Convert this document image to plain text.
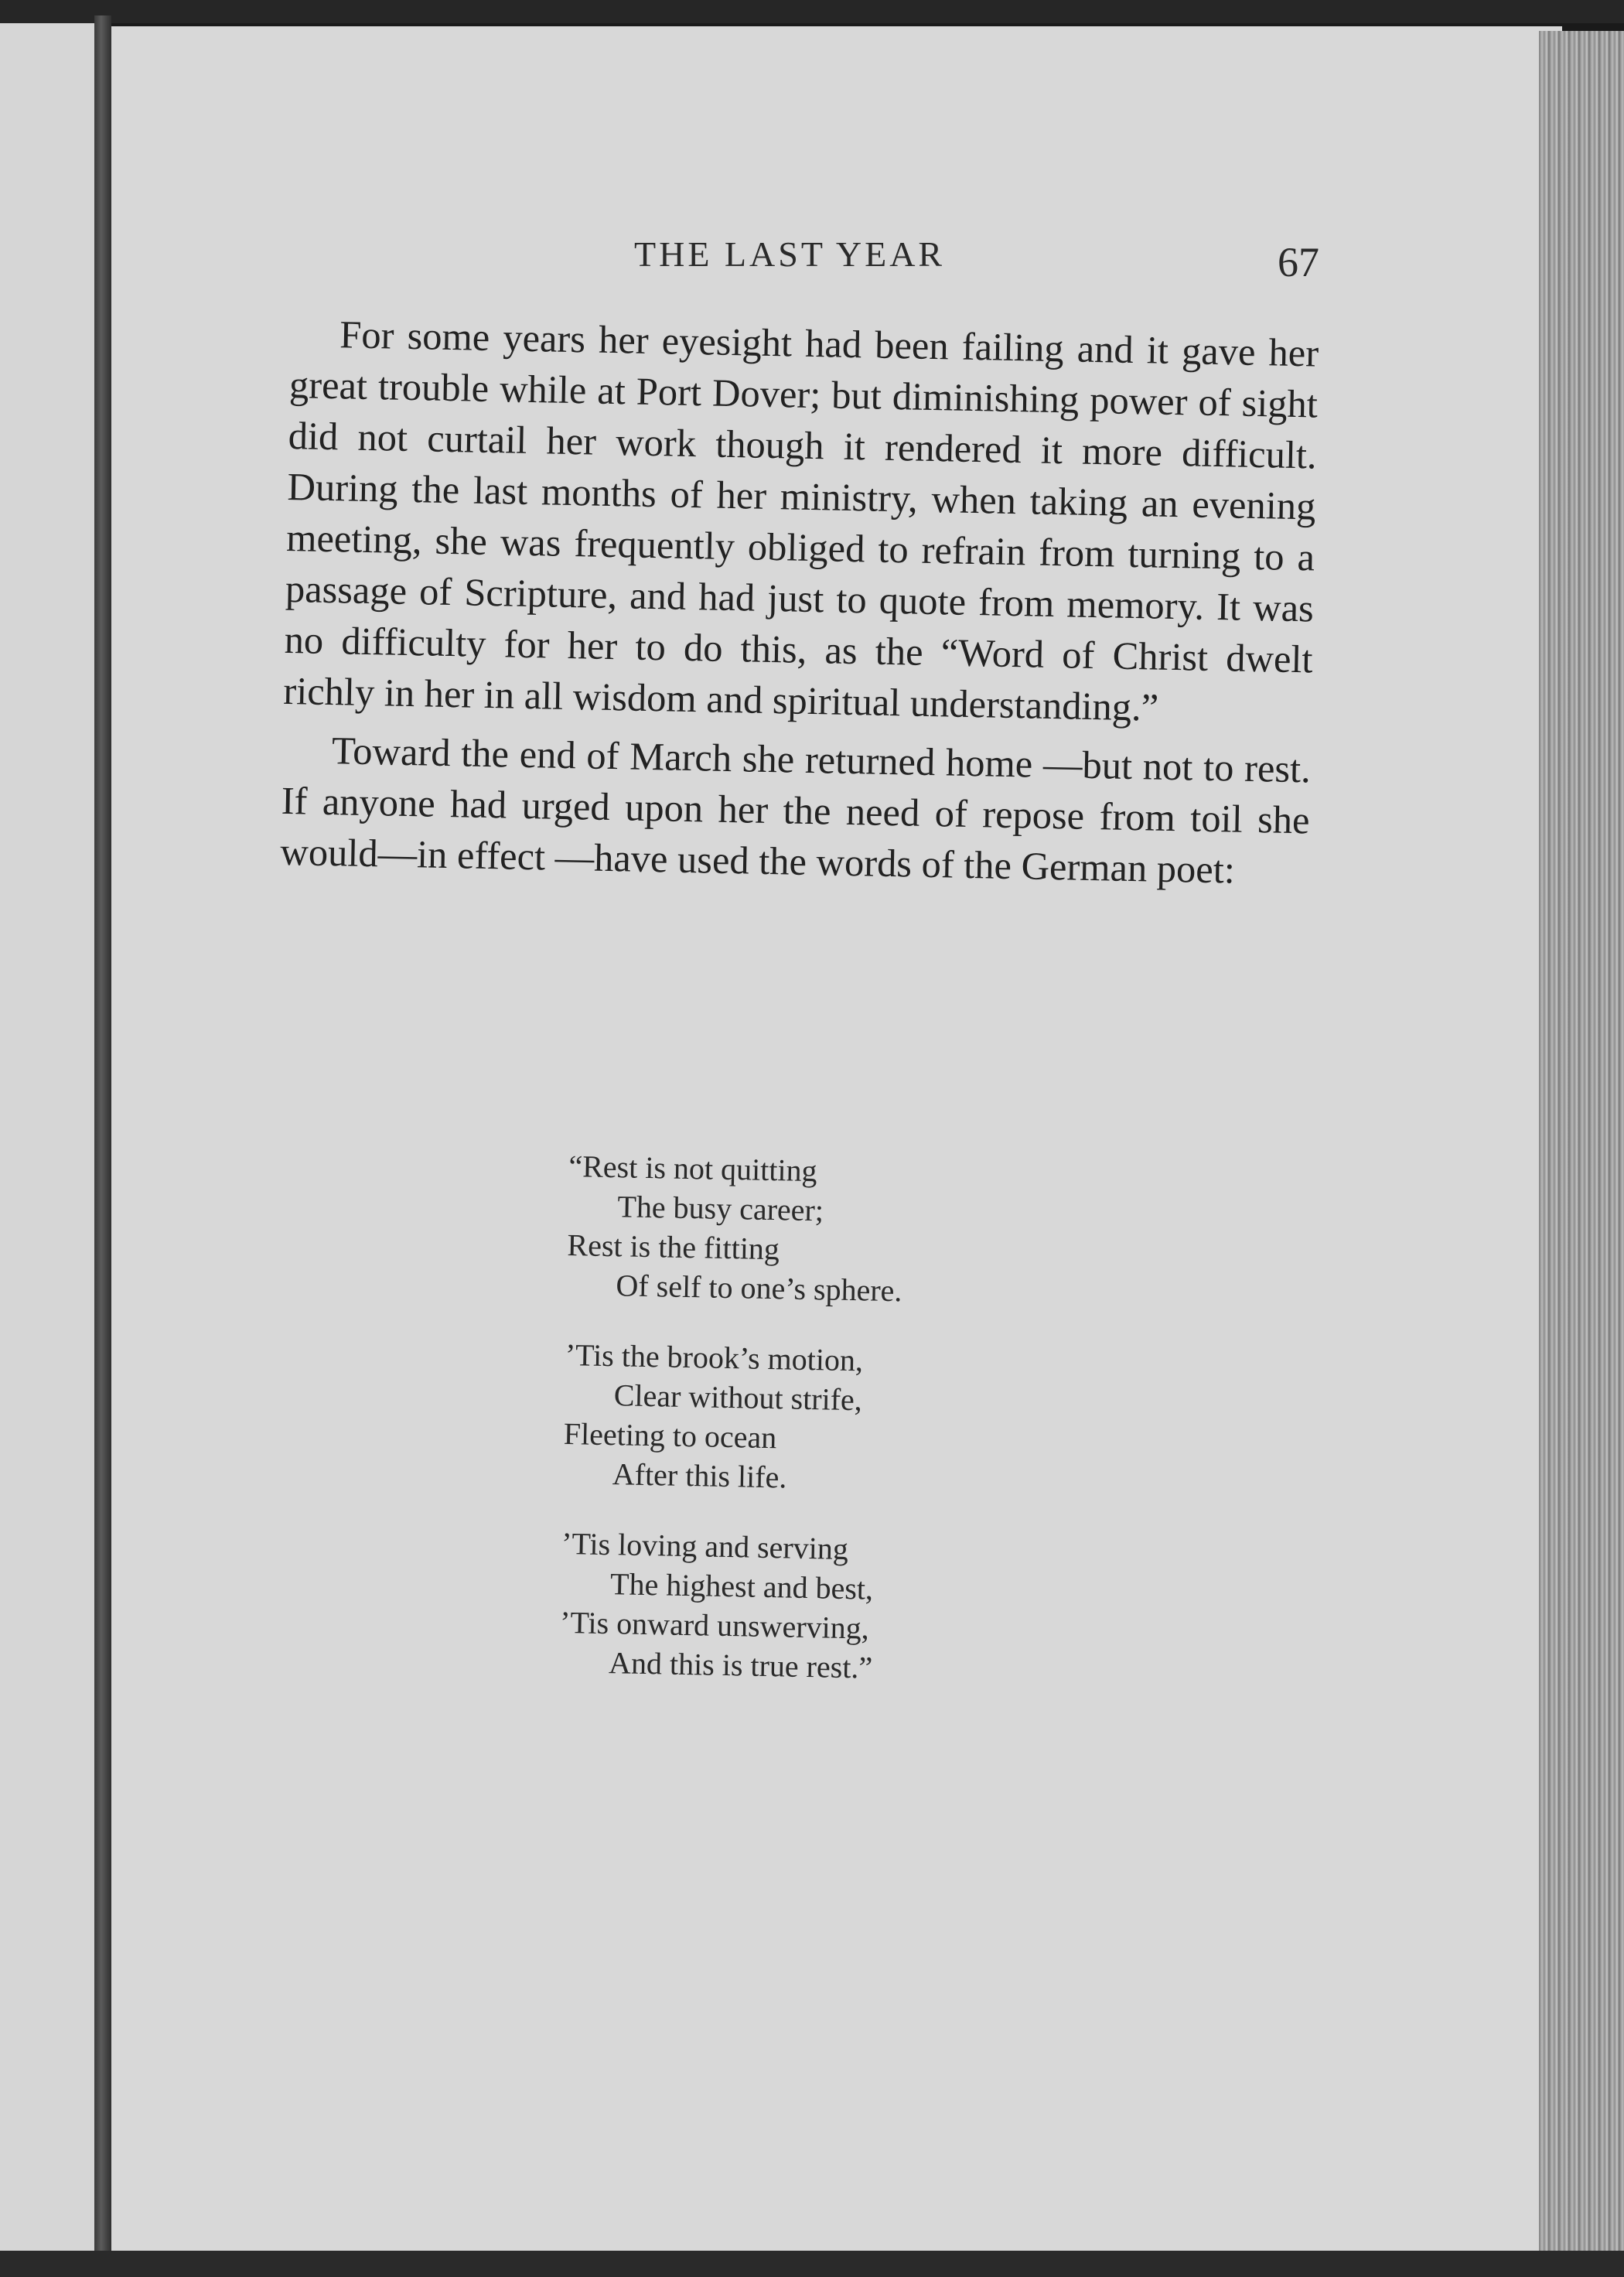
THE LAST YEAR	67

For some years her eyesight had been failing and it gave her great trouble while at Port Dover; but diminishing power of sight did not curtail her work though it rendered it more difficult. During the last months of her ministry, when taking an evening meeting, she was frequently obliged to refrain from turning to a passage of Scripture, and had just to quote from memory. It was no difficulty for her to do this, as the “Word of Christ dwelt richly in her in all wisdom and spiritual understanding.”

Toward the end of March she returned home —but not to rest. If anyone had urged upon her the need of repose from toil she would—in effect —have used the words of the German poet:

“Rest is not quitting
The busy career;
Rest is the fitting
Of self to one’s sphere.
’Tis the brook’s motion,
Clear without strife,
Fleeting to ocean
After this life.
’Tis loving and serving
The highest and best,
’Tis onward unswerving,
And this is true rest.”
